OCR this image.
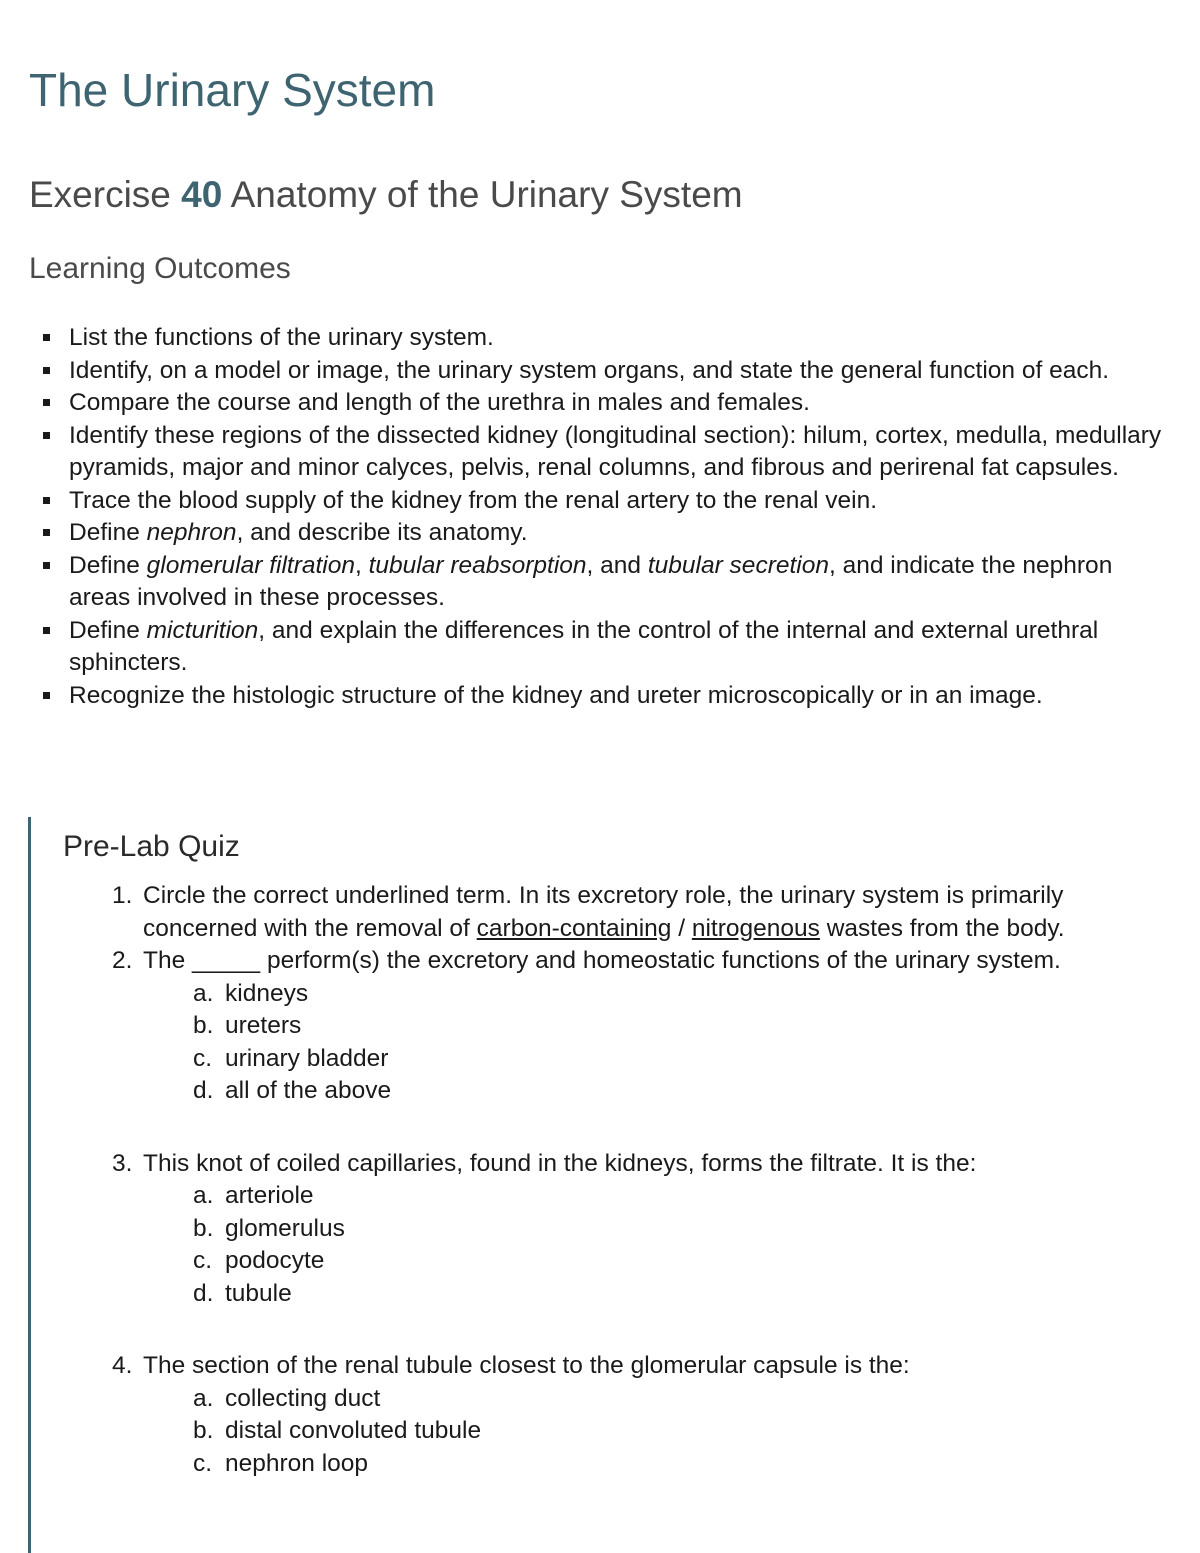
The Urinary System
Exercise 40 Anatomy of the Urinary System
Learning Outcomes
List the functions of the urinary system.
Identify, on a model or image, the urinary system organs, and state the general function of each.
Compare the course and length of the urethra in males and females.
Identify these regions of the dissected kidney (longitudinal section): hilum, cortex, medulla, medullary pyramids, major and minor calyces, pelvis, renal columns, and fibrous and perirenal fat capsules.
Trace the blood supply of the kidney from the renal artery to the renal vein.
Define nephron, and describe its anatomy.
Define glomerular filtration, tubular reabsorption, and tubular secretion, and indicate the nephron areas involved in these processes.
Define micturition, and explain the differences in the control of the internal and external urethral sphincters.
Recognize the histologic structure of the kidney and ureter microscopically or in an image.
Pre-Lab Quiz
1. Circle the correct underlined term. In its excretory role, the urinary system is primarily concerned with the removal of carbon-containing / nitrogenous wastes from the body.
2. The _____ perform(s) the excretory and homeostatic functions of the urinary system.
a. kidneys
b. ureters
c. urinary bladder
d. all of the above
3. This knot of coiled capillaries, found in the kidneys, forms the filtrate. It is the:
a. arteriole
b. glomerulus
c. podocyte
d. tubule
4. The section of the renal tubule closest to the glomerular capsule is the:
a. collecting duct
b. distal convoluted tubule
c. nephron loop
